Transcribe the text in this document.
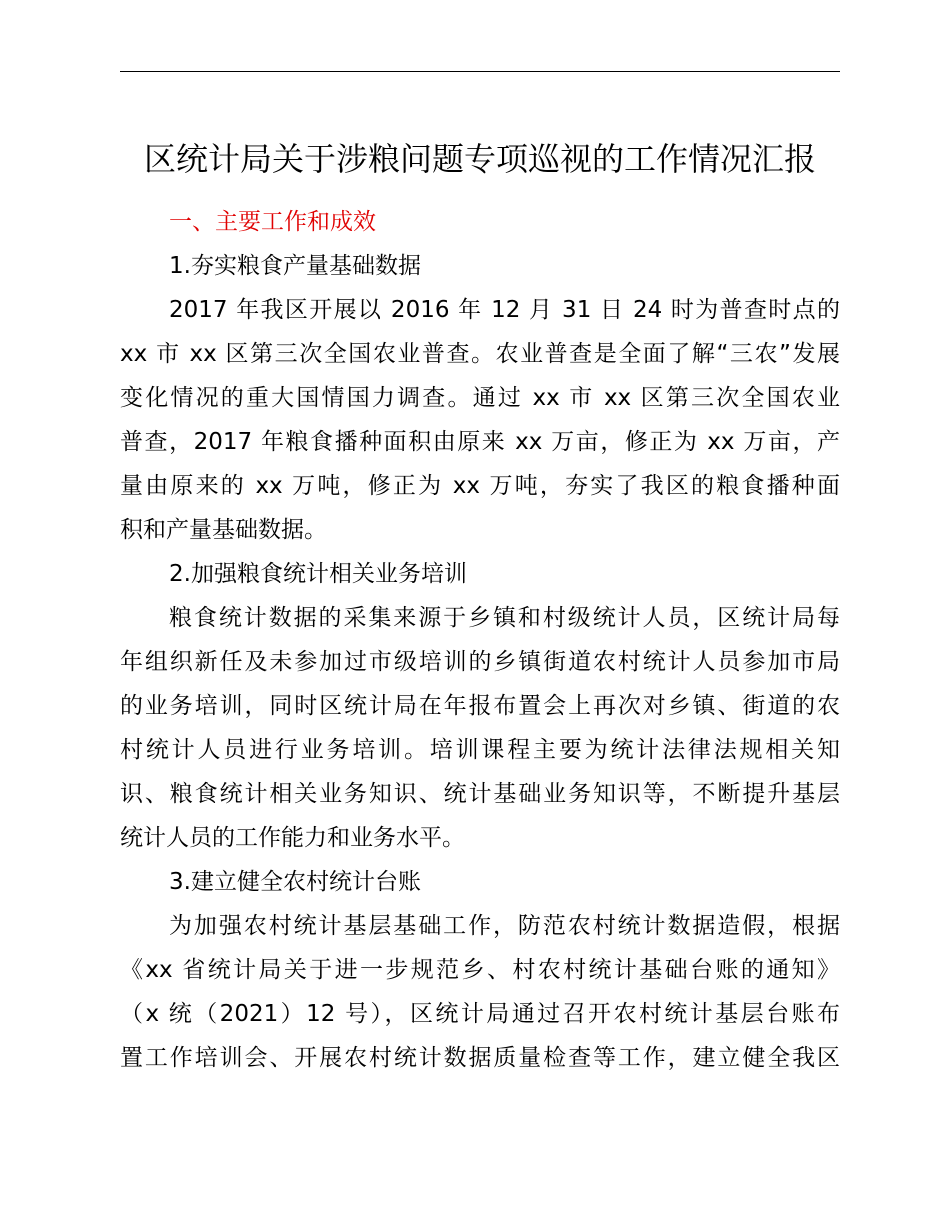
区统计局关于涉粮问题专项巡视的工作情况汇报
一、主要工作和成效
1.夯实粮食产量基础数据
2017 年我区开展以 2016 年 12 月 31 日 24 时为普查时点的
xx 市 xx 区第三次全国农业普查。农业普查是全面了解“三农”发展
变化情况的重大国情国力调查。通过 xx 市 xx 区第三次全国农业
普查，2017 年粮食播种面积由原来 xx 万亩，修正为 xx 万亩，产
量由原来的 xx 万吨，修正为 xx 万吨，夯实了我区的粮食播种面
积和产量基础数据。
2.加强粮食统计相关业务培训
粮食统计数据的采集来源于乡镇和村级统计人员，区统计局每
年组织新任及未参加过市级培训的乡镇街道农村统计人员参加市局
的业务培训，同时区统计局在年报布置会上再次对乡镇、街道的农
村统计人员进行业务培训。培训课程主要为统计法律法规相关知
识、粮食统计相关业务知识、统计基础业务知识等，不断提升基层
统计人员的工作能力和业务水平。
3.建立健全农村统计台账
为加强农村统计基层基础工作，防范农村统计数据造假，根据
《xx 省统计局关于进一步规范乡、村农村统计基础台账的通知》
（x 统（2021）12 号），区统计局通过召开农村统计基层台账布
置工作培训会、开展农村统计数据质量检查等工作，建立健全我区
